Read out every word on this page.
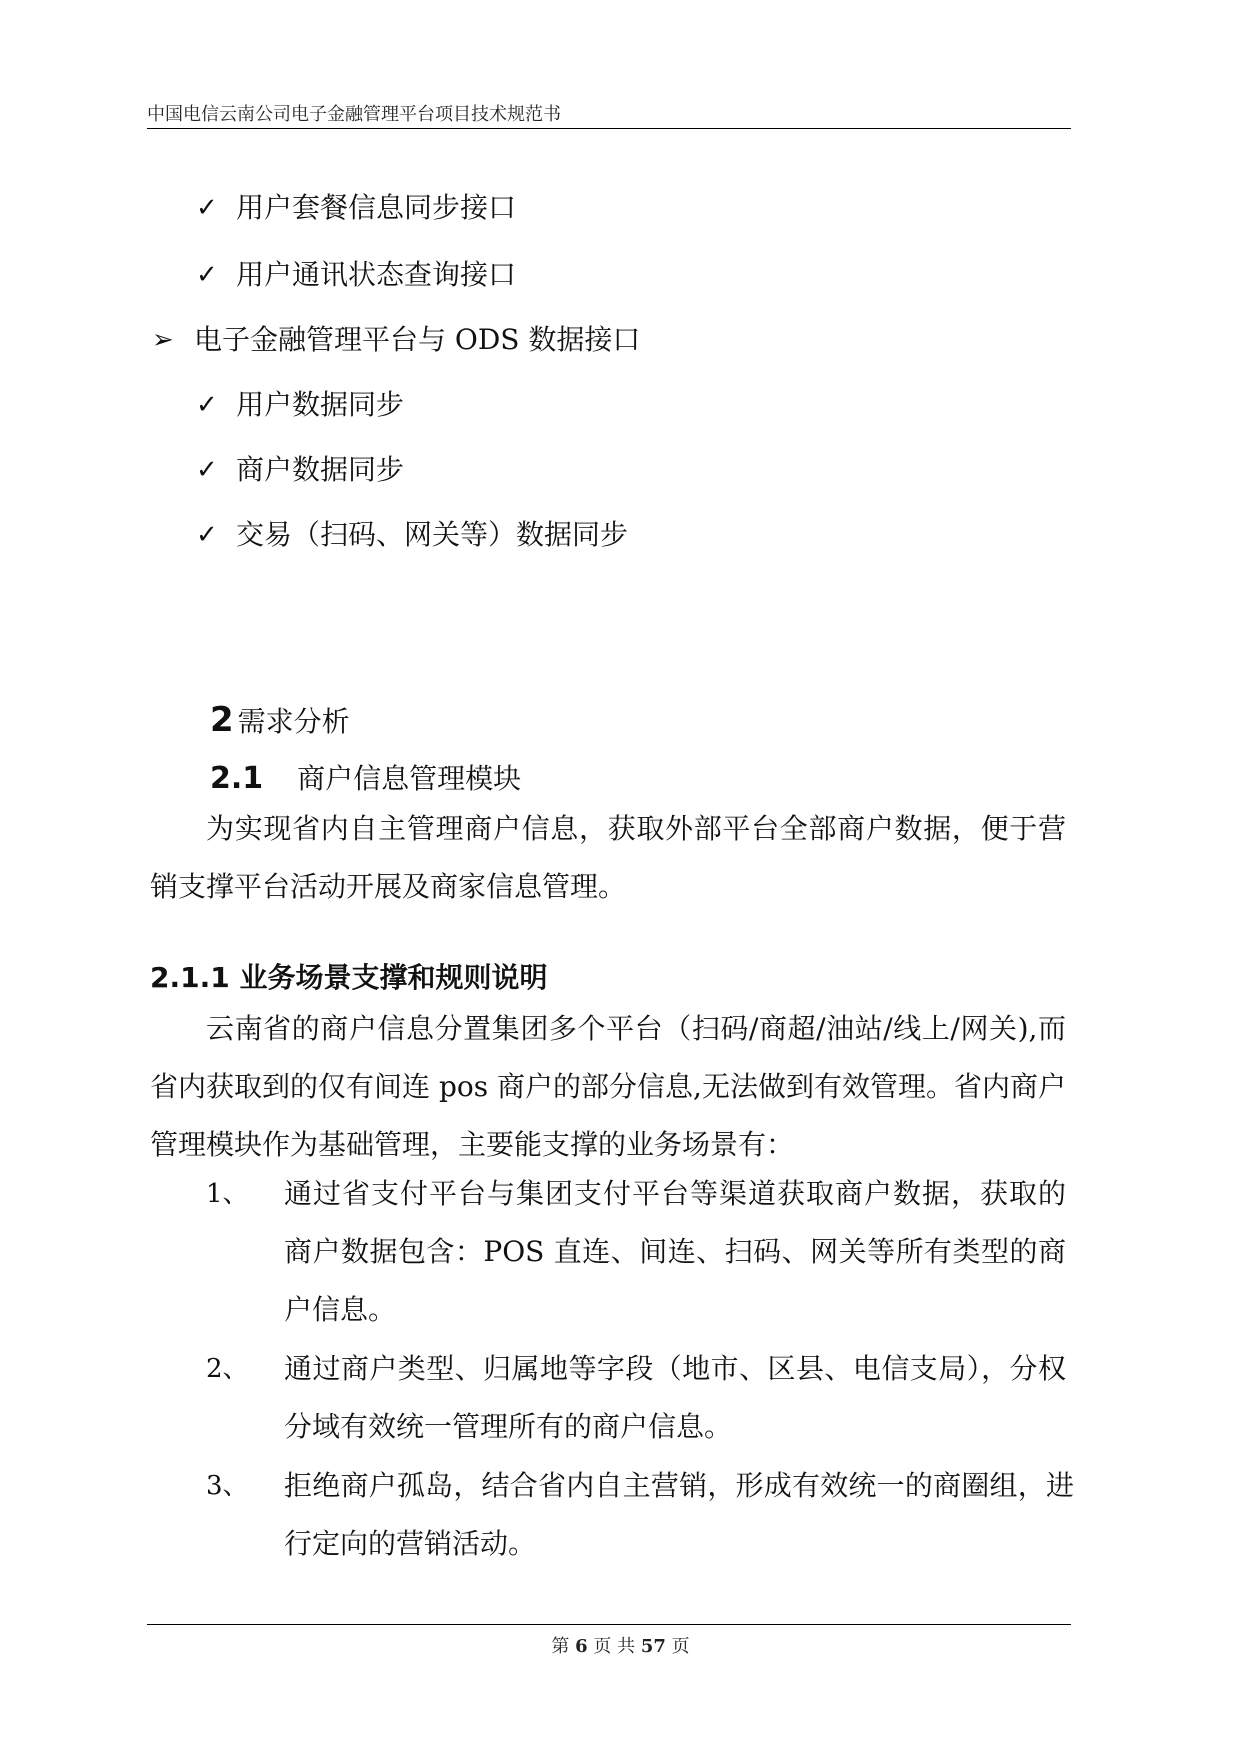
中国电信云南公司电子金融管理平台项目技术规范书
✓ 用户套餐信息同步接口
✓ 用户通讯状态查询接口
➢ 电子金融管理平台与 ODS 数据接口
✓ 用户数据同步
✓ 商户数据同步
✓ 交易（扫码、网关等）数据同步
2 需求分析
2.1 商户信息管理模块
为实现省内自主管理商户信息，获取外部平台全部商户数据，便于营销支撑平台活动开展及商家信息管理。
2.1.1 业务场景支撑和规则说明
云南省的商户信息分置集团多个平台（扫码/商超/油站/线上/网关),而省内获取到的仅有间连 pos 商户的部分信息,无法做到有效管理。省内商户管理模块作为基础管理，主要能支撑的业务场景有：
1、 通过省支付平台与集团支付平台等渠道获取商户数据，获取的商户数据包含：POS 直连、间连、扫码、网关等所有类型的商户信息。
2、 通过商户类型、归属地等字段（地市、区县、电信支局），分权分域有效统一管理所有的商户信息。
3、 拒绝商户孤岛，结合省内自主营销，形成有效统一的商圈组，进行定向的营销活动。
第 6 页 共 57 页
